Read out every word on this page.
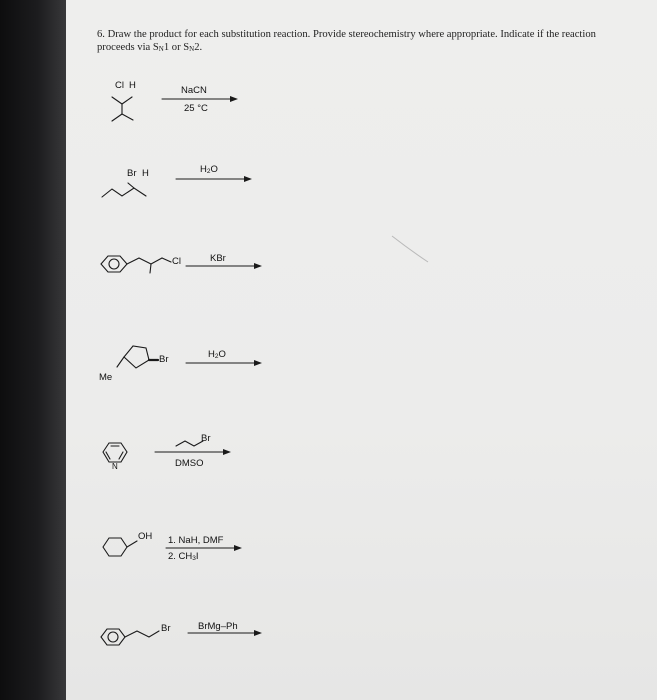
6. Draw the product for each substitution reaction. Provide stereochemistry where appropriate. Indicate if the reaction proceeds via $S_N1$ or $S_N2$.
Cl H	NaCN
25 °C
Br H	$H_2O$
Cl	KBr
Br
Me
$H_2O$
N
Br
DMSO
OH 1. NaH, DMF
2. $CH_3I$
Br	BrMg–Ph
